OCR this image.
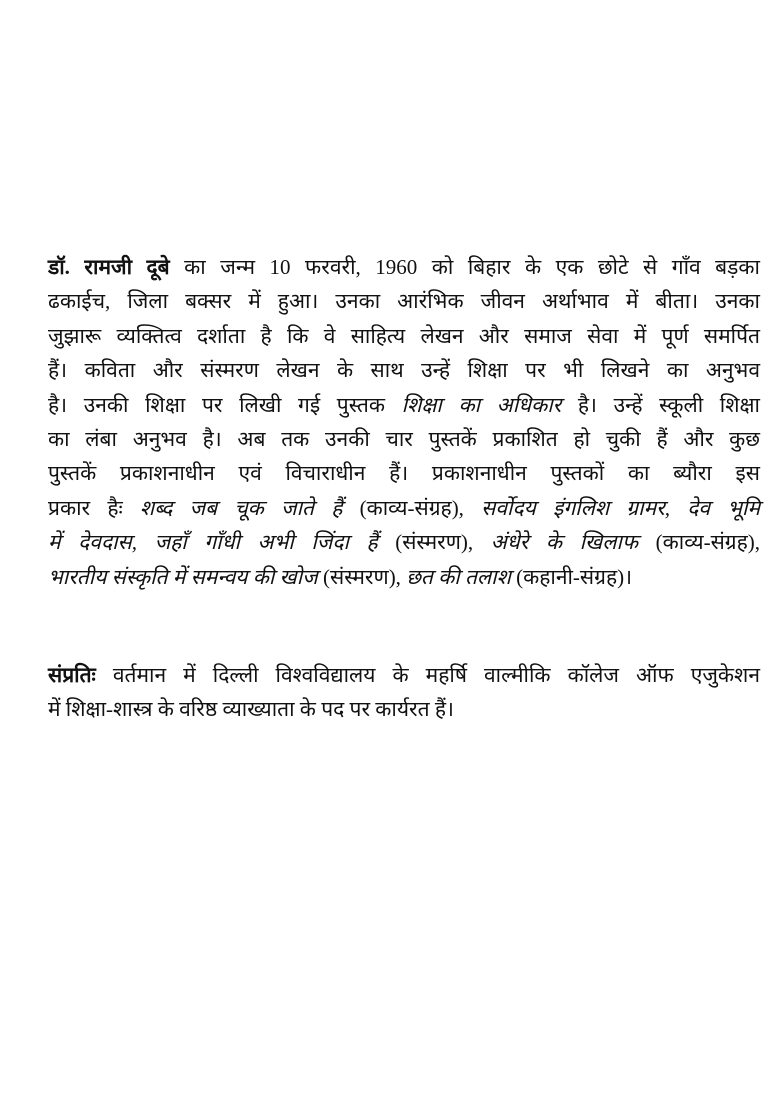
डॉ. रामजी दूबे का जन्म 10 फरवरी, 1960 को बिहार के एक छोटे से गाँव बड़का
ढकाईच, जिला बक्सर में हुआ। उनका आरंभिक जीवन अर्थाभाव में बीता। उनका
जुझारू व्यक्तित्व दर्शाता है कि वे साहित्य लेखन और समाज सेवा में पूर्ण समर्पित
हैं। कविता और संस्मरण लेखन के साथ उन्हें शिक्षा पर भी लिखने का अनुभव
है। उनकी शिक्षा पर लिखी गई पुस्तक शिक्षा का अधिकार है। उन्हें स्कूली शिक्षा
का लंबा अनुभव है। अब तक उनकी चार पुस्तकें प्रकाशित हो चुकी हैं और कुछ
पुस्तकें प्रकाशनाधीन एवं विचाराधीन हैं। प्रकाशनाधीन पुस्तकों का ब्यौरा इस
प्रकार हैः शब्द जब चूक जाते हैं (काव्य-संग्रह), सर्वोदय इंगलिश ग्रामर, देव भूमि
में देवदास, जहाँ गाँधी अभी जिंदा हैं (संस्मरण), अंधेरे के खिलाफ (काव्य-संग्रह),
भारतीय संस्कृति में समन्वय की खोज (संस्मरण), छत की तलाश (कहानी-संग्रह)।
संप्रतिः वर्तमान में दिल्ली विश्वविद्यालय के महर्षि वाल्मीकि कॉलेज ऑफ एजुकेशन
में शिक्षा-शास्त्र के वरिष्ठ व्याख्याता के पद पर कार्यरत हैं।
